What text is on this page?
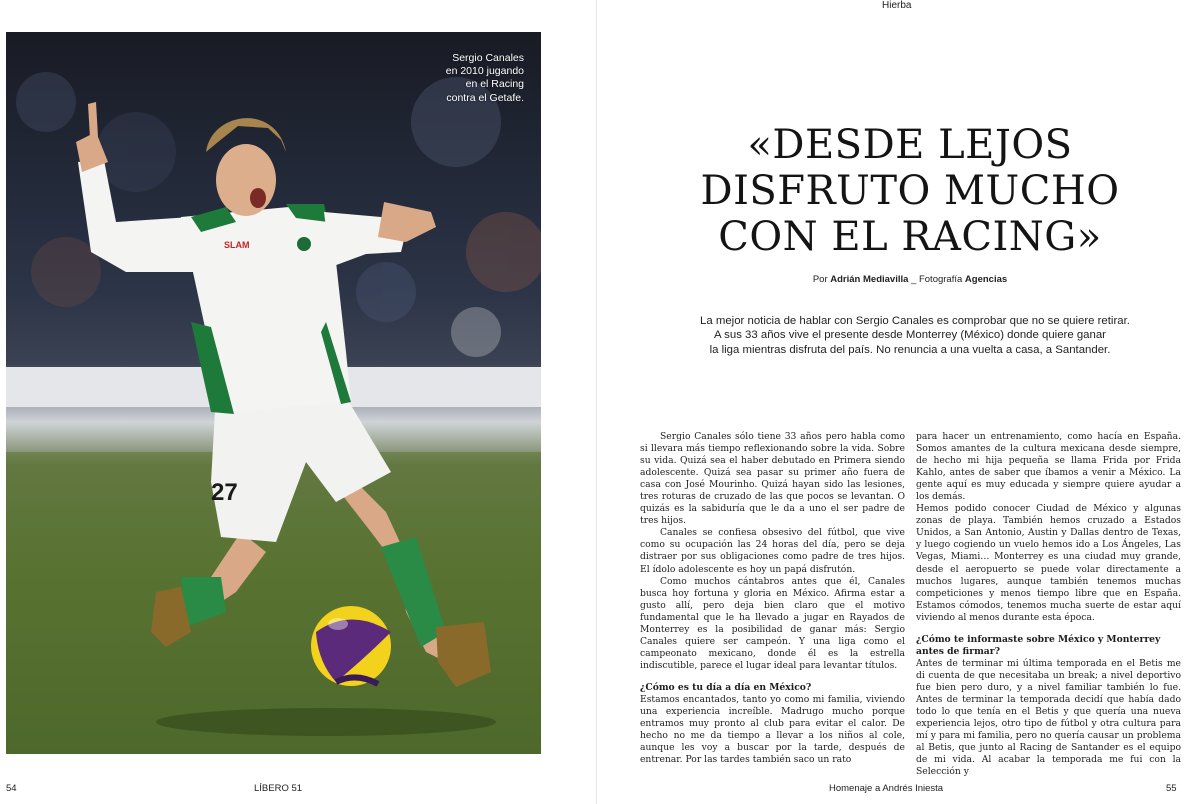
27
SLAM
Sergio Canales
en 2010 jugando
en el Racing
contra el Getafe.
54	LÍBERO 51
Hierba
«DESDE LEJOS
DISFRUTO MUCHO
CON EL RACING»
Por Adrián Mediavilla _ Fotografía Agencias
La mejor noticia de hablar con Sergio Canales es comprobar que no se quiere retirar.
A sus 33 años vive el presente desde Monterrey (México) donde quiere ganar
la liga mientras disfruta del país. No renuncia a una vuelta a casa, a Santander.

Sergio Canales sólo tiene 33 años pero habla como si llevara más tiempo reflexionando sobre la vida. Sobre su vida. Quizá sea el haber debutado en Primera siendo adolescente. Quizá sea pasar su primer año fuera de casa con José Mourinho. Quizá hayan sido las lesiones, tres roturas de cruzado de las que pocos se levantan. O quizás es la sabiduría que le da a uno el ser padre de tres hijos.

Canales se confiesa obsesivo del fútbol, que vive como su ocupación las 24 horas del día, pero se deja distraer por sus obligaciones como padre de tres hijos. El ídolo adolescente es hoy un papá disfrutón.

Como muchos cántabros antes que él, Canales busca hoy fortuna y gloria en México. Afirma estar a gusto allí, pero deja bien claro que el motivo fundamental que le ha llevado a jugar en Rayados de Monterrey es la posibilidad de ganar más: Sergio Canales quiere ser campeón. Y una liga como el campeonato mexicano, donde él es la estrella indiscutible, parece el lugar ideal para levantar títulos.

¿Cómo es tu día a día en México?

Estamos encantados, tanto yo como mi familia, viviendo una experiencia increíble. Madrugo mucho porque entramos muy pronto al club para evitar el calor. De hecho no me da tiempo a llevar a los niños al cole, aunque les voy a buscar por la tarde, después de entrenar. Por las tardes también saco un rato

para hacer un entrenamiento, como hacía en España. Somos amantes de la cultura mexicana desde siempre, de hecho mi hija pequeña se llama Frida por Frida Kahlo, antes de saber que íbamos a venir a México. La gente aquí es muy educada y siempre quiere ayudar a los demás.

Hemos podido conocer Ciudad de México y algunas zonas de playa. También hemos cruzado a Estados Unidos, a San Antonio, Austin y Dallas dentro de Texas, y luego cogiendo un vuelo hemos ido a Los Ángeles, Las Vegas, Miami… Monterrey es una ciudad muy grande, desde el aeropuerto se puede volar directamente a muchos lugares, aunque también tenemos muchas competiciones y menos tiempo libre que en España. Estamos cómodos, tenemos mucha suerte de estar aquí viviendo al menos durante esta época.

¿Cómo te informaste sobre México y Monterrey antes de firmar?

Antes de terminar mi última temporada en el Betis me di cuenta de que necesitaba un break; a nivel deportivo fue bien pero duro, y a nivel familiar también lo fue. Antes de terminar la temporada decidí que había dado todo lo que tenía en el Betis y que quería una nueva experiencia lejos, otro tipo de fútbol y otra cultura para mí y para mi familia, pero no quería causar un problema al Betis, que junto al Racing de Santander es el equipo de mi vida. Al acabar la temporada me fui con la Selección y

Homenaje a Andrés Iniesta	55
